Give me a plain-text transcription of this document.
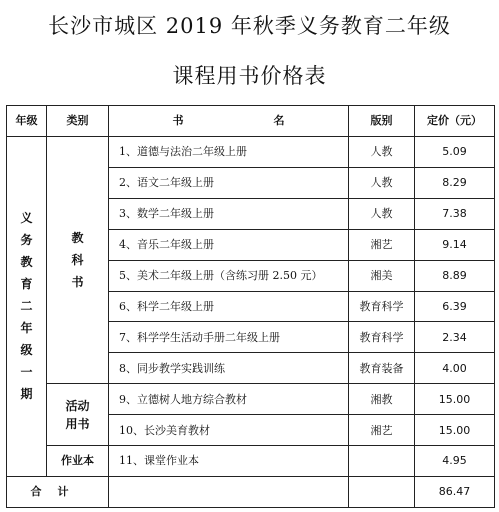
长沙市城区 2019 年秋季义务教育二年级
课程用书价格表
年级	类别	书 名	版别	定价（元）
义务教育二年级一期	教科书	1、道德与法治二年级上册	人教	5.09
		2、语文二年级上册	人教	8.29
		3、数学二年级上册	人教	7.38
		4、音乐二年级上册	湘艺	9.14
		5、美术二年级上册（含练习册 2.50 元）	湘美	8.89
		6、科学二年级上册	教育科学	6.39
		7、科学学生活动手册二年级上册	教育科学	2.34
		8、同步教学实践训练	教育装备	4.00
	活动用书	9、立德树人地方综合教材	湘教	15.00
		10、长沙美育教材	湘艺	15.00
	作业本	11、课堂作业本		4.95
合计				86.47
